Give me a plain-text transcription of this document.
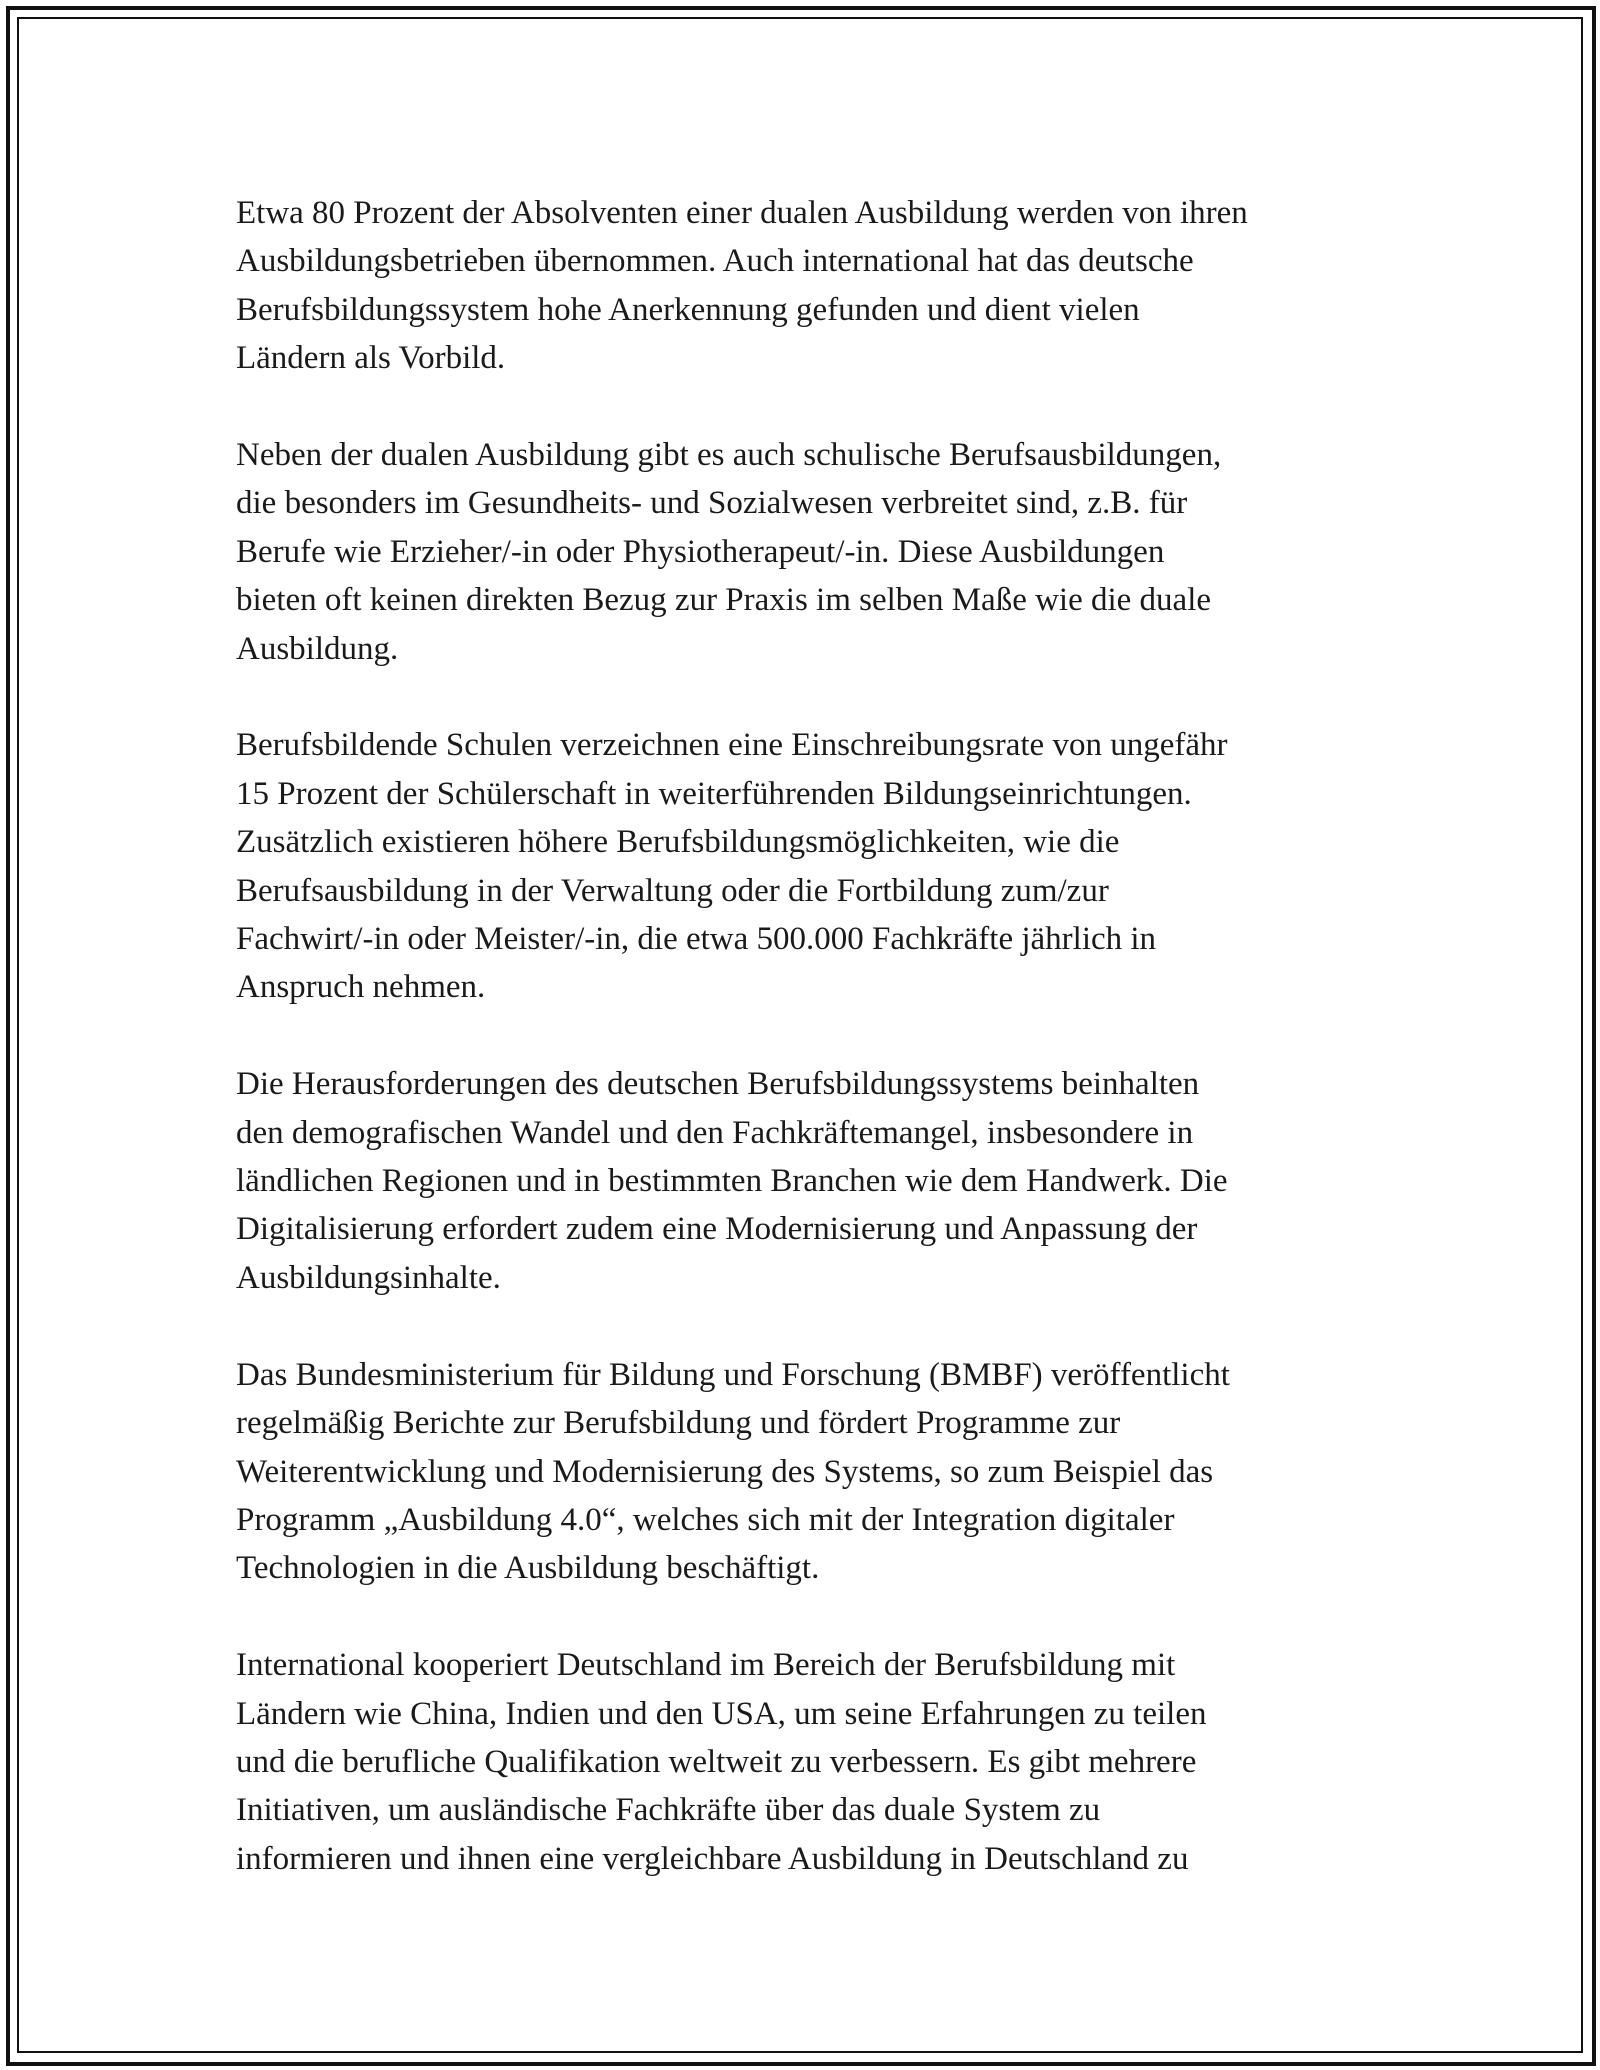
Etwa 80 Prozent der Absolventen einer dualen Ausbildung werden von ihren
Ausbildungsbetrieben übernommen. Auch international hat das deutsche
Berufsbildungssystem hohe Anerkennung gefunden und dient vielen
Ländern als Vorbild.

Neben der dualen Ausbildung gibt es auch schulische Berufsausbildungen,
die besonders im Gesundheits- und Sozialwesen verbreitet sind, z.B. für
Berufe wie Erzieher/-in oder Physiotherapeut/-in. Diese Ausbildungen
bieten oft keinen direkten Bezug zur Praxis im selben Maße wie die duale
Ausbildung.

Berufsbildende Schulen verzeichnen eine Einschreibungsrate von ungefähr
15 Prozent der Schülerschaft in weiterführenden Bildungseinrichtungen.
Zusätzlich existieren höhere Berufsbildungsmöglichkeiten, wie die
Berufsausbildung in der Verwaltung oder die Fortbildung zum/zur
Fachwirt/-in oder Meister/-in, die etwa 500.000 Fachkräfte jährlich in
Anspruch nehmen.

Die Herausforderungen des deutschen Berufsbildungssystems beinhalten
den demografischen Wandel und den Fachkräftemangel, insbesondere in
ländlichen Regionen und in bestimmten Branchen wie dem Handwerk. Die
Digitalisierung erfordert zudem eine Modernisierung und Anpassung der
Ausbildungsinhalte.

Das Bundesministerium für Bildung und Forschung (BMBF) veröffentlicht
regelmäßig Berichte zur Berufsbildung und fördert Programme zur
Weiterentwicklung und Modernisierung des Systems, so zum Beispiel das
Programm „Ausbildung 4.0“, welches sich mit der Integration digitaler
Technologien in die Ausbildung beschäftigt.

International kooperiert Deutschland im Bereich der Berufsbildung mit
Ländern wie China, Indien und den USA, um seine Erfahrungen zu teilen
und die berufliche Qualifikation weltweit zu verbessern. Es gibt mehrere
Initiativen, um ausländische Fachkräfte über das duale System zu
informieren und ihnen eine vergleichbare Ausbildung in Deutschland zu
